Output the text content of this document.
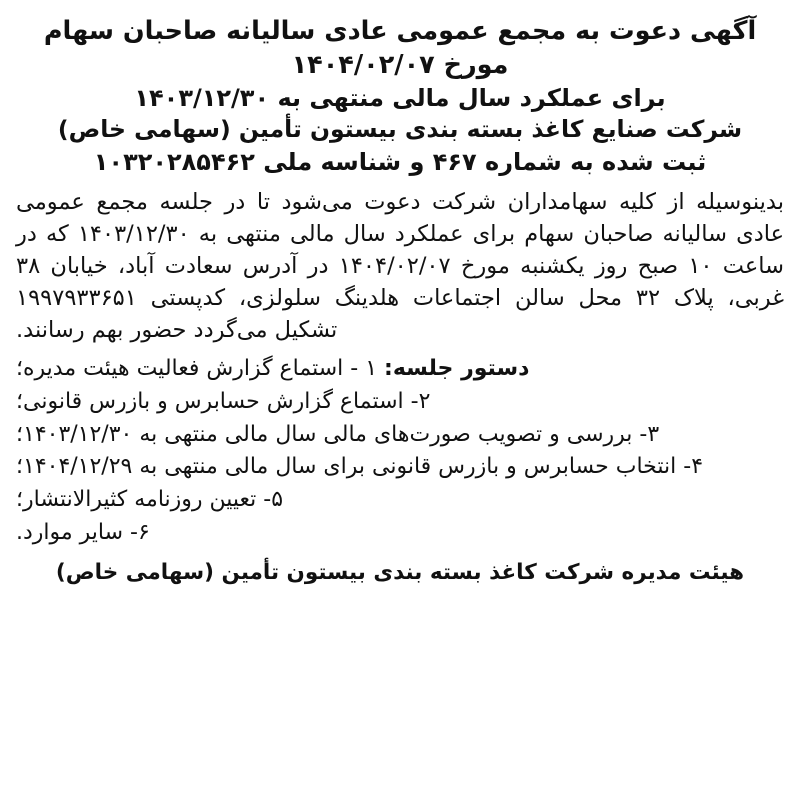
آگهی دعوت به مجمع عمومی عادی سالیانه صاحبان سهام
مورخ ۱۴۰۴/۰۲/۰۷
برای عملکرد سال مالی منتهی به ۱۴۰۳/۱۲/۳۰
شرکت صنایع کاغذ بسته بندی بیستون تأمین (سهامی خاص)
ثبت شده به شماره ۴۶۷ و شناسه ملی ۱۰۳۲۰۲۸۵۴۶۲

بدینوسیله از کلیه سهامداران شرکت دعوت می‌شود تا در جلسه مجمع عمومی عادی سالیانه صاحبان سهام برای عملکرد سال مالی منتهی به ۱۴۰۳/۱۲/۳۰ که در ساعت ۱۰ صبح روز یکشنبه مورخ ۱۴۰۴/۰۲/۰۷ در آدرس سعادت آباد، خیابان ۳۸ غربی، پلاک ۳۲ محل سالن اجتماعات هلدینگ سلولزی، کدپستی ۱۹۹۷۹۳۳۶۵۱ تشکیل می‌گردد حضور بهم رسانند.

دستور جلسه: ۱ - استماع گزارش فعالیت هیئت مدیره؛
۲- استماع گزارش حسابرس و بازرس قانونی؛
۳- بررسی و تصویب صورت‌های مالی سال مالی منتهی به ۱۴۰۳/۱۲/۳۰؛
۴- انتخاب حسابرس و بازرس قانونی برای سال مالی منتهی به ۱۴۰۴/۱۲/۲۹؛
۵- تعیین روزنامه کثیرالانتشار؛
۶- سایر موارد.
هیئت مدیره شرکت کاغذ بسته بندی بیستون تأمین (سهامی خاص)
